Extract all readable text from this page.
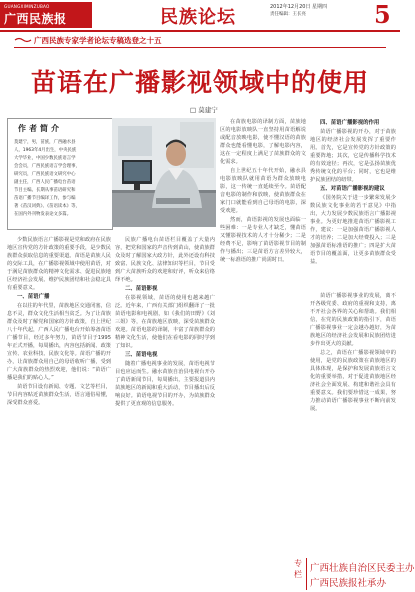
GUANGXIMINZUBAO
广西民族报	民族论坛	2012年12月20日 星期四
责任编辑：王长亮	5
广西民族专家学者论坛专稿选登之十五
苗语在广播影视领域中的使用
□ 莫建宁
作者简介
莫建宁，男，苗族，广西融水县
人，1963年4月出生，中央民族
大学毕业，中国少数民族语言学
会会员，广西民族语言学会理事，
研究员，广西民族语文研究中心
副主任，广西人民广播电台苗语
节目主编。长期从事苗语研究和
苗语广播节目编译工作，参与编
著《苗汉词典》、《苗语读本》等，
在国内外刊物发表论文多篇。

少数民族语言广播影视是党和政府在民族地区宣传党的方针政策的重要手段，是少数民族群众获取信息的重要渠道。苗语是苗族人民的交际工具，在广播影视领域中使用苗语，对于满足苗族群众的精神文化需求、促进民族地区经济社会发展、维护民族团结和社会稳定具有重要意义。

一、苗语广播

在以往的年代里，苗族地区交通闭塞，信息不灵，群众文化生活相当贫乏。为了让苗族群众及时了解党和国家的方针政策，自上世纪八十年代起，广西人民广播电台开始筹备苗语广播节目，经过多年努力，苗语节目于1995年正式开播，每周播出，内容包括新闻、政策宣传、农业科技、民族文化等。苗语广播的开办，让苗族群众用自己的母语收听广播，受到广大苗族群众的热烈欢迎，他们说：“苗语广播是我们的贴心人。”

苗语节目设有新闻、专题、文艺等栏目，节目内容贴近苗族群众生活，语言通俗易懂，深受群众喜爱。

民族广播电台苗语栏目覆盖了大量内容，把党和国家的声音传到苗山，使苗族群众及时了解国家大政方针，此外还设有科技致富、民族文化、法律知识等栏目，节目受到广大苗族听众的欢迎和好评，听众来信络绎不绝。

二、苗语影视

在影视领域，苗语的使用也越来越广泛。近年来，广西有关部门组织翻译了一批苗语电影和电视剧，如《我们的田野》《刘三姐》等，在苗族地区放映，深受苗族群众欢迎。苗语电影的译制，丰富了苗族群众的精神文化生活，使他们在看电影的同时学到了知识。

三、苗语电视

随着广播电视事业的发展，苗语电视节目也应运而生。融水苗族自治县电视台开办了苗语新闻节目，每周播出，主要报道县内苗族地区的新闻和重大活动，节目播出后反响良好。苗语电视节目的开办，为苗族群众提供了更直观的信息服务。

在苗族电影的译制方面，苗族地区的电影放映队一直坚持用苗语解说或配音放映电影，使不懂汉语的苗族群众也能看懂电影，了解电影内容，这在一定程度上满足了苗族群众的文化需求。

自上世纪五十年代开始，融水县电影放映队就用苗语为群众放映电影，这一传统一直延续至今。苗语配音电影的制作和放映，使苗族群众在家门口就能看到自己母语的电影，深受欢迎。

然而，苗语影视的发展也面临一些困难：一是专业人才缺乏，懂苗语又懂影视技术的人才十分稀少；二是经费不足，影响了苗语影视节目的制作与播出；三是苗语方言差异较大，统一标准语的推广尚需时日。

四、苗语广播影视的作用

苗语广播影视的开办，对于苗族地区的经济社会发展发挥了重要作用。首先，它是宣传党的方针政策的重要阵地；其次，它是传播科学技术的有效途径；再次，它是弘扬苗族优秀传统文化的平台；同时，它也是维护民族团结的纽带。

五、对苗语广播影视的建议

《国务院关于进一步繁荣发展少数民族文化事业的若干意见》中指出，大力发展少数民族语言广播影视事业。为更好地推进苗语广播影视工作，建议：一是加强苗语广播影视人才的培养；二是加大经费投入；三是加强苗语标准语的推广；四是扩大苗语节目的覆盖面，让更多苗族群众受益。

苗语广播影视事业的发展，离不开各级党委、政府的重视和支持，离不开社会各界的关心和帮助。我们相信，在党的民族政策的指引下，苗语广播影视事业一定会越办越好，为苗族地区的经济社会发展和民族团结进步作出更大的贡献。

总之，苗语在广播影视领域中的使用，是党的民族政策在苗族地区的具体体现，是保护和发展苗族语言文化的重要举措，对于促进苗族地区经济社会全面发展、构建和谐社会具有重要意义。我们要珍惜这一成果，努力推动苗语广播影视事业不断向前发展。

专栏
广西壮族自治区民委主办
广西民族报社承办
